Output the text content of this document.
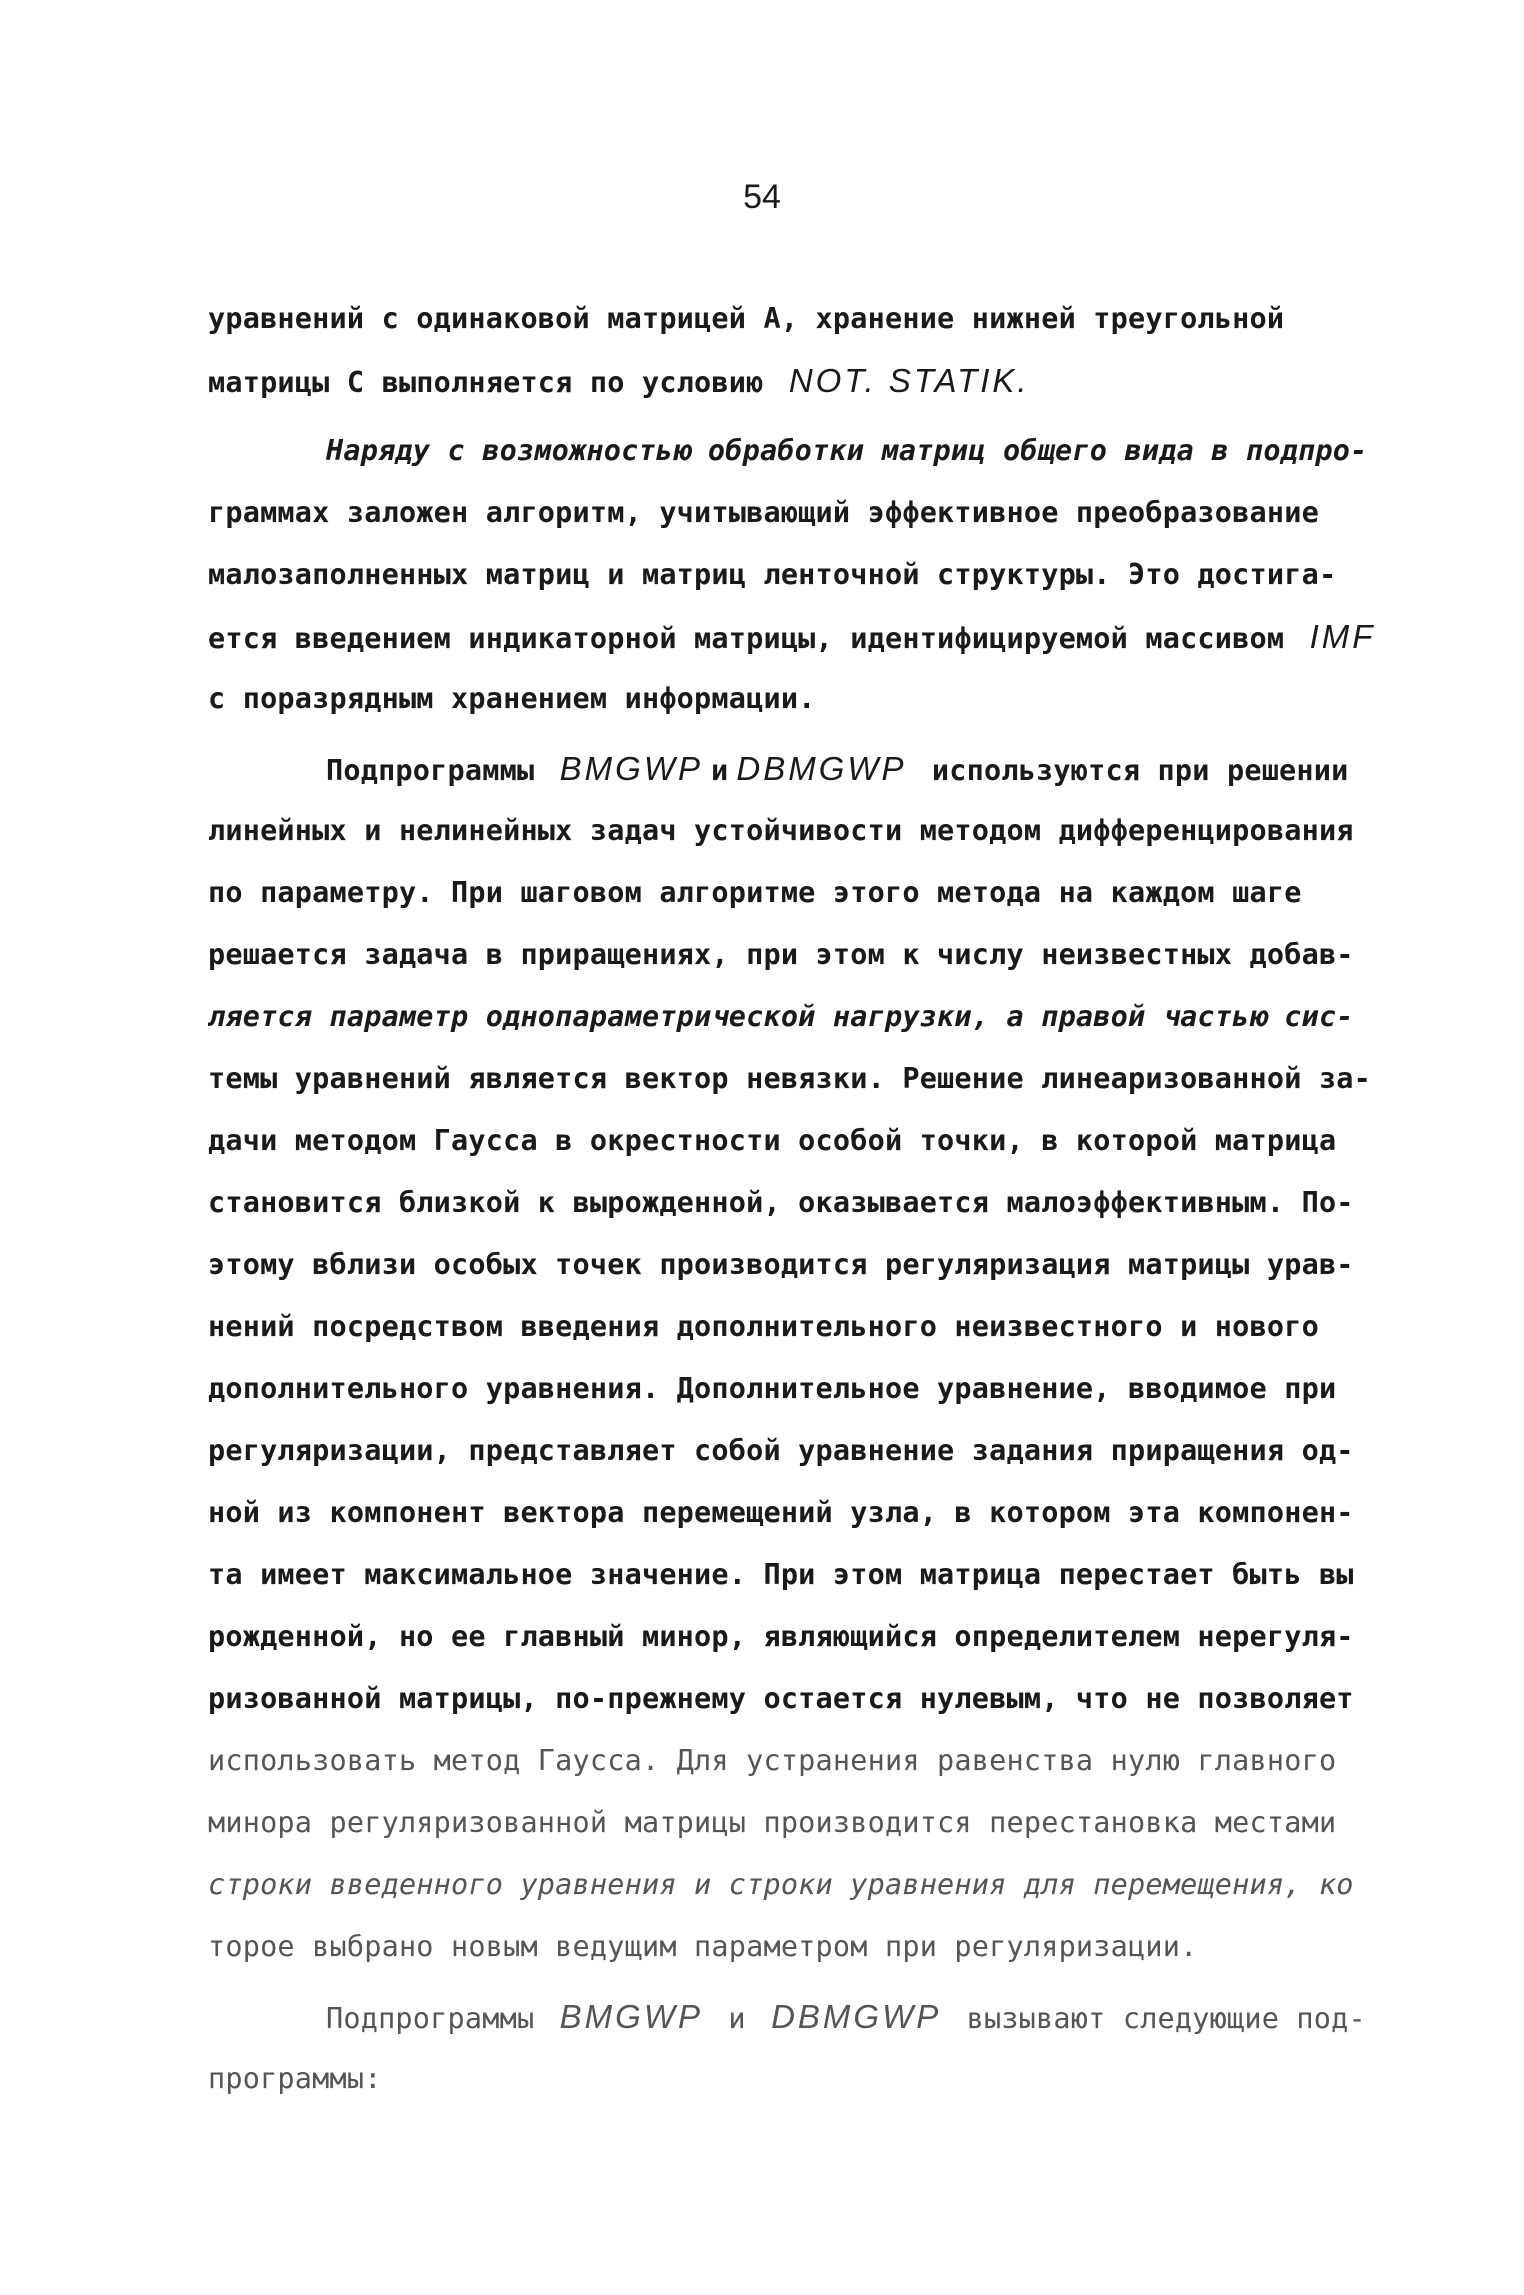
54
уравнений с одинаковой матрицей A, хранение нижней треугольной
матрицы C выполняется по условию NOT. STATIK.
Наряду с возможностью обработки матриц общего вида в подпро-
граммах заложен алгоритм, учитывающий эффективное преобразование
малозаполненных матриц и матриц ленточной структуры. Это достига-
ется введением индикаторной матрицы, идентифицируемой массивом IMF
с поразрядным хранением информации.
Подпрограммы BMGWP и DBMGWP используются при решении
линейных и нелинейных задач устойчивости методом дифференцирования
по параметру. При шаговом алгоритме этого метода на каждом шаге
решается задача в приращениях, при этом к числу неизвестных добав-
ляется параметр однопараметрической нагрузки, а правой частью сис-
темы уравнений является вектор невязки. Решение линеаризованной за-
дачи методом Гаусса в окрестности особой точки, в которой матрица
становится близкой к вырожденной, оказывается малоэффективным. По-
этому вблизи особых точек производится регуляризация матрицы урав-
нений посредством введения дополнительного неизвестного и нового
дополнительного уравнения. Дополнительное уравнение, вводимое при
регуляризации, представляет собой уравнение задания приращения од-
ной из компонент вектора перемещений узла, в котором эта компонен-
та имеет максимальное значение. При этом матрица перестает быть вы
рожденной, но ее главный минор, являющийся определителем нерегуля-
ризованной матрицы, по-прежнему остается нулевым, что не позволяет
использовать метод Гаусса. Для устранения равенства нулю главного
минора регуляризованной матрицы производится перестановка местами
строки введенного уравнения и строки уравнения для перемещения, ко
торое выбрано новым ведущим параметром при регуляризации.
Подпрограммы BMGWP и DBMGWP вызывают следующие под-
программы:
